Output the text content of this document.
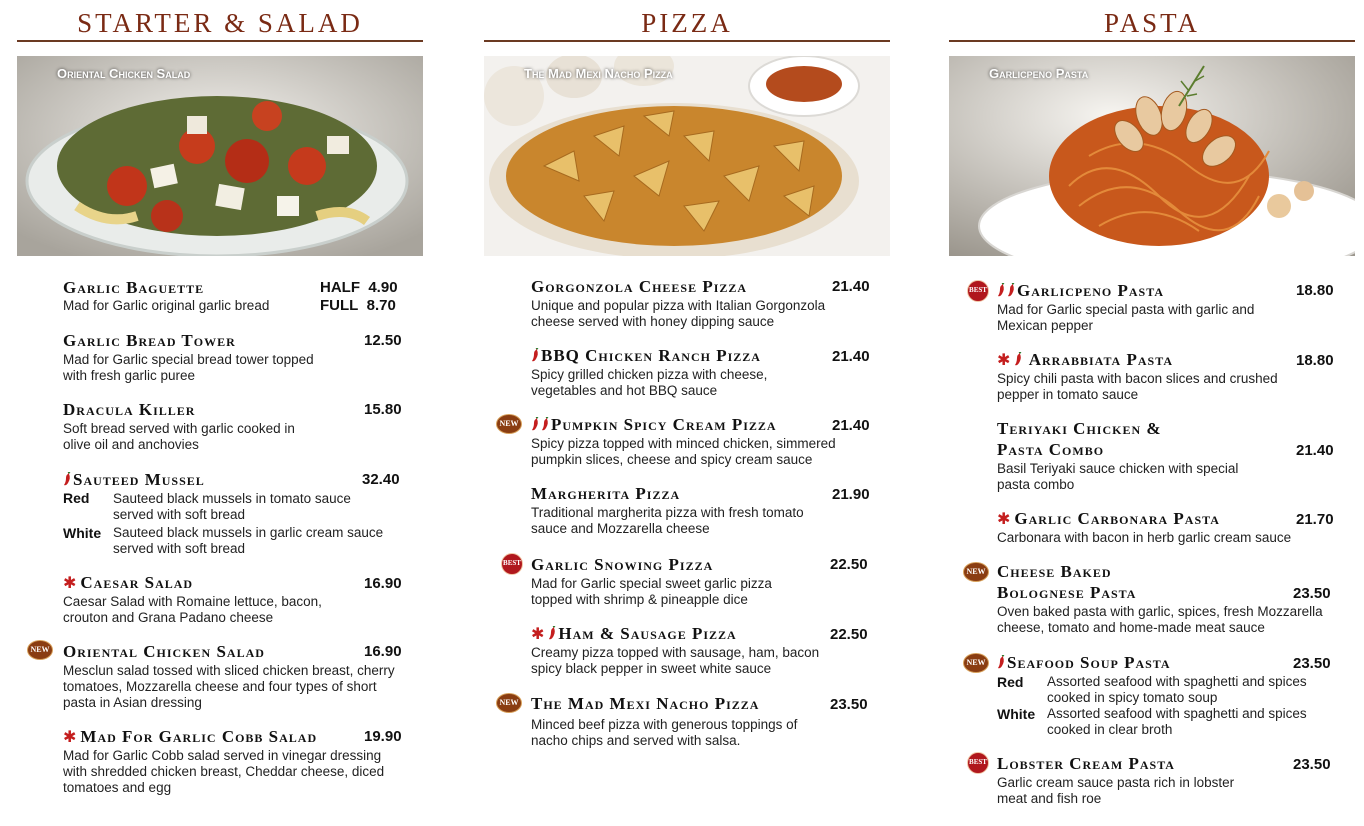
STARTER & SALAD
Oriental Chicken Salad
Garlic Baguette	HALF 4.90
FULL 8.70
Mad for Garlic original garlic bread
Garlic Bread Tower	12.50
Mad for Garlic special bread tower topped with fresh garlic puree
Dracula Killer	15.80
Soft bread served with garlic cooked in olive oil and anchovies
Sauteed Mussel	32.40
Red Sauteed black mussels in tomato sauce served with soft bread
White Sauteed black mussels in garlic cream sauce served with soft bread
✱ Caesar Salad	16.90
Caesar Salad with Romaine lettuce, bacon, crouton and Grana Padano cheese
NEW Oriental Chicken Salad	16.90
Mesclun salad tossed with sliced chicken breast, cherry tomatoes, Mozzarella cheese and four types of short pasta in Asian dressing
✱ Mad For Garlic Cobb Salad	19.90
Mad for Garlic Cobb salad served in vinegar dressing with shredded chicken breast, Cheddar cheese, diced tomatoes and egg
PIZZA
The Mad Mexi Nacho Pizza
Gorgonzola Cheese Pizza	21.40
Unique and popular pizza with Italian Gorgonzola cheese served with honey dipping sauce
BBQ Chicken Ranch Pizza	21.40
Spicy grilled chicken pizza with cheese, vegetables and hot BBQ sauce
NEW	Pumpkin Spicy Cream Pizza	21.40
Spicy pizza topped with minced chicken, simmered pumpkin slices, cheese and spicy cream sauce
Margherita Pizza	21.90
Traditional margherita pizza with fresh tomato sauce and Mozzarella cheese
BEST Garlic Snowing Pizza	22.50
Mad for Garlic special sweet garlic pizza topped with shrimp & pineapple dice
✱ Ham & Sausage Pizza	22.50
Creamy pizza topped with sausage, ham, bacon spicy black pepper in sweet white sauce
NEW The Mad Mexi Nacho Pizza	23.50
Minced beef pizza with generous toppings of nacho chips and served with salsa.
PASTA
Garlicpeno Pasta
BEST	Garlicpeno Pasta	18.80
Mad for Garlic special pasta with garlic and Mexican pepper
✱ Arrabbiata Pasta	18.80
Spicy chili pasta with bacon slices and crushed pepper in tomato sauce
Teriyaki Chicken &
Pasta Combo	21.40
Basil Teriyaki sauce chicken with special pasta combo
✱ Garlic Carbonara Pasta	21.70
Carbonara with bacon in herb garlic cream sauce
NEW Cheese Baked
Bolognese Pasta	23.50
Oven baked pasta with garlic, spices, fresh Mozzarella cheese, tomato and home-made meat sauce
NEW	Seafood Soup Pasta	23.50
Red Assorted seafood with spaghetti and spices cooked in spicy tomato soup
White Assorted seafood with spaghetti and spices cooked in clear broth
BEST Lobster Cream Pasta	23.50
Garlic cream sauce pasta rich in lobster meat and fish roe
